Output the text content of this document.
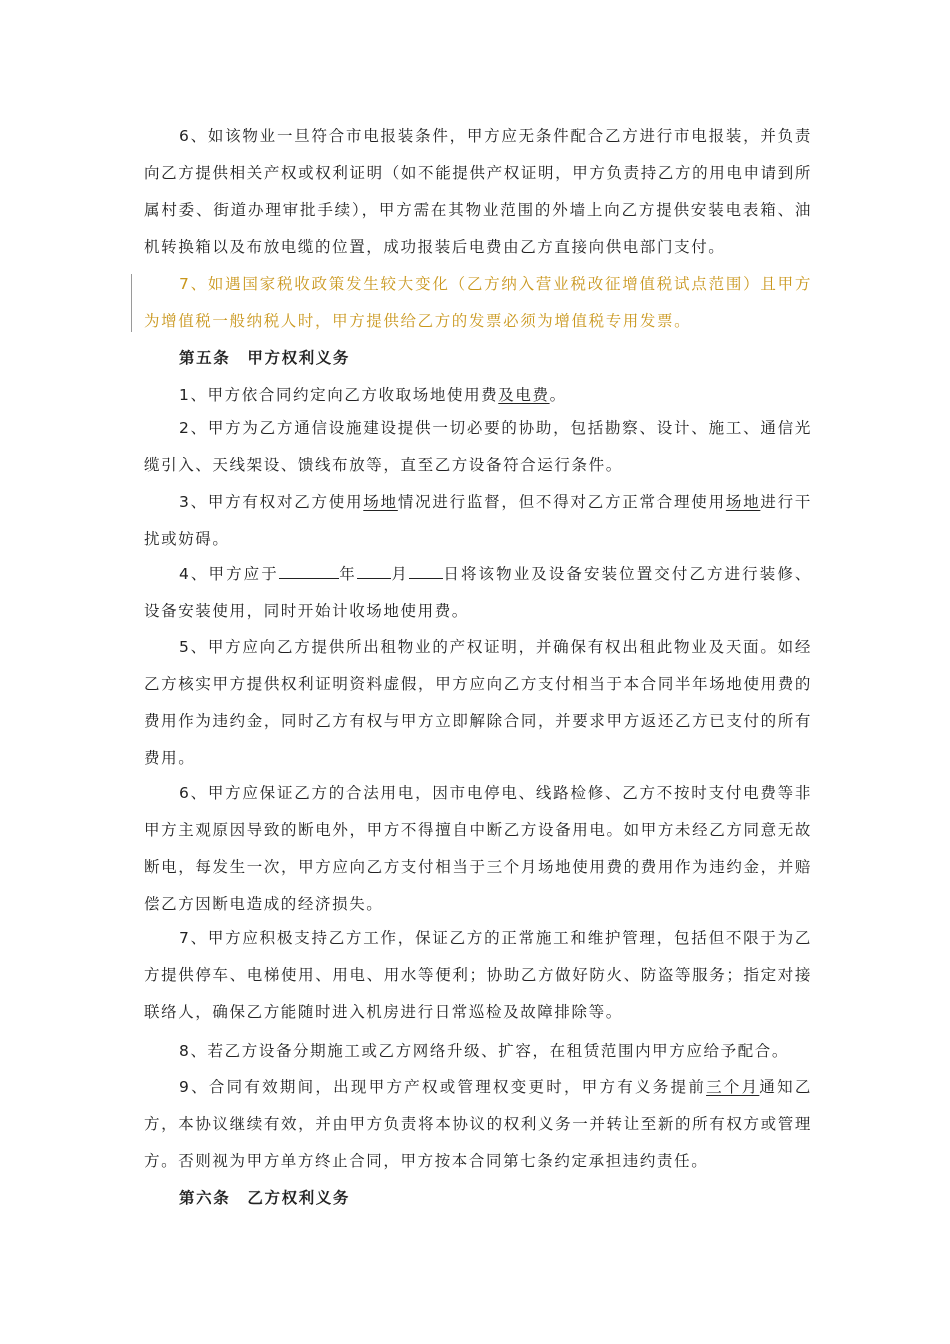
6、如该物业一旦符合市电报装条件，甲方应无条件配合乙方进行市电报装，并负责向乙方提供相关产权或权利证明（如不能提供产权证明，甲方负责持乙方的用电申请到所属村委、街道办理审批手续），甲方需在其物业范围的外墙上向乙方提供安装电表箱、油机转换箱以及布放电缆的位置，成功报装后电费由乙方直接向供电部门支付。

7、如遇国家税收政策发生较大变化（乙方纳入营业税改征增值税试点范围）且甲方为增值税一般纳税人时，甲方提供给乙方的发票必须为增值税专用发票。

第五条　甲方权利义务

1、甲方依合同约定向乙方收取场地使用费及电费。

2、甲方为乙方通信设施建设提供一切必要的协助，包括勘察、设计、施工、通信光缆引入、天线架设、馈线布放等，直至乙方设备符合运行条件。

3、甲方有权对乙方使用场地情况进行监督，但不得对乙方正常合理使用场地进行干扰或妨碍。

4、甲方应于	年 月 日将该物业及设备安装位置交付乙方进行装修、设备安装使用，同时开始计收场地使用费。

5、甲方应向乙方提供所出租物业的产权证明，并确保有权出租此物业及天面。如经乙方核实甲方提供权利证明资料虚假，甲方应向乙方支付相当于本合同半年场地使用费的费用作为违约金，同时乙方有权与甲方立即解除合同，并要求甲方返还乙方已支付的所有费用。

6、甲方应保证乙方的合法用电，因市电停电、线路检修、乙方不按时支付电费等非甲方主观原因导致的断电外，甲方不得擅自中断乙方设备用电。如甲方未经乙方同意无故断电，每发生一次，甲方应向乙方支付相当于三个月场地使用费的费用作为违约金，并赔偿乙方因断电造成的经济损失。

7、甲方应积极支持乙方工作，保证乙方的正常施工和维护管理，包括但不限于为乙方提供停车、电梯使用、用电、用水等便利；协助乙方做好防火、防盗等服务；指定对接联络人，确保乙方能随时进入机房进行日常巡检及故障排除等。

8、若乙方设备分期施工或乙方网络升级、扩容，在租赁范围内甲方应给予配合。

9、合同有效期间，出现甲方产权或管理权变更时，甲方有义务提前三个月通知乙方，本协议继续有效，并由甲方负责将本协议的权利义务一并转让至新的所有权方或管理方。否则视为甲方单方终止合同，甲方按本合同第七条约定承担违约责任。

第六条　乙方权利义务
